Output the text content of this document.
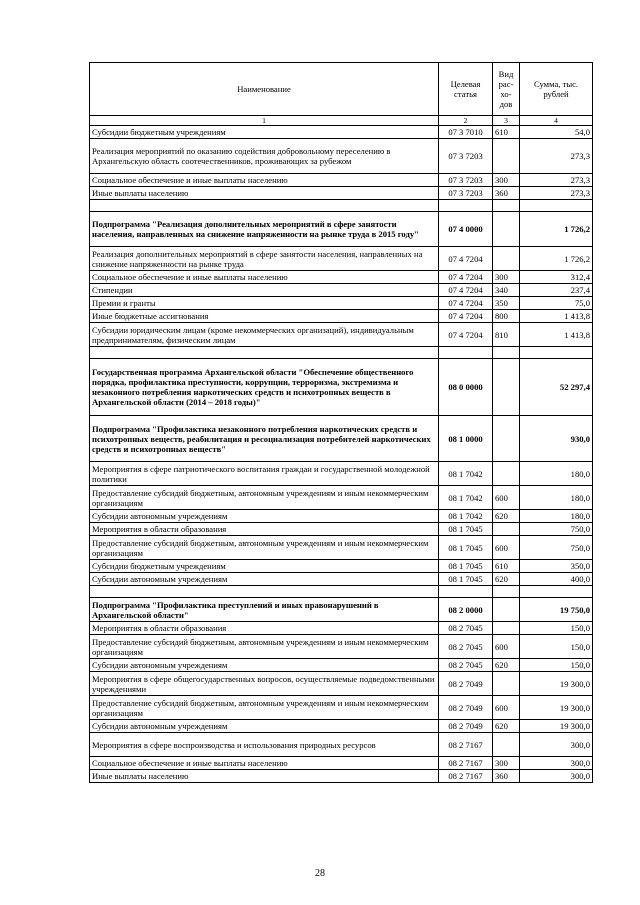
Наименование	Целевая статья	Вид рас-хо-дов	Сумма, тыс. рублей
1	2	3	4
Субсидии бюджетным учреждениям	07 3 7010	610	54,0
Реализация мероприятий по оказанию содействия добровольному переселению в Архангельскую область соотечественников, проживающих за рубежом	07 3 7203		273,3
Социальное обеспечение и иные выплаты населению	07 3 7203	300	273,3
Иные выплаты населению	07 3 7203	360	273,3

Подпрограмма "Реализация дополнительных мероприятий в сфере занятости населения, направленных на снижение напряженности на рынке труда в 2015 году"	07 4 0000		1 726,2
Реализация дополнительных мероприятий в сфере занятости населения, направленных на снижение напряженности на рынке труда	07 4 7204		1 726,2
Социальное обеспечение и иные выплаты населению	07 4 7204	300	312,4
Стипендии	07 4 7204	340	237,4
Премии и гранты	07 4 7204	350	75,0
Иные бюджетные ассигнования	07 4 7204	800	1 413,8
Субсидии юридическим лицам (кроме некоммерческих организаций), индивидуальным предпринимателям, физическим лицам	07 4 7204	810	1 413,8

Государственная программа Архангельской области "Обеспечение общественного порядка, профилактика преступности, коррупции, терроризма, экстремизма и незаконного потребления наркотических средств и психотропных веществ в Архангельской области (2014 – 2018 годы)"	08 0 0000		52 297,4
Подпрограмма "Профилактика незаконного потребления наркотических средств и психотропных веществ, реабилитация и ресоциализация потребителей наркотических средств и психотропных веществ"	08 1 0000		930,0
Мероприятия в сфере патриотического воспитания граждан и государственной молодежной политики	08 1 7042		180,0
Предоставление субсидий бюджетным, автономным учреждениям и иным некоммерческим организациям	08 1 7042	600	180,0
Субсидии автономным учреждениям	08 1 7042	620	180,0
Мероприятия в области образования	08 1 7045		750,0
Предоставление субсидий бюджетным, автономным учреждениям и иным некоммерческим организациям	08 1 7045	600	750,0
Субсидии бюджетным учреждениям	08 1 7045	610	350,0
Субсидии автономным учреждениям	08 1 7045	620	400,0

Подпрограмма "Профилактика преступлений и иных правонарушений в Архангельской области"	08 2 0000		19 750,0
Мероприятия в области образования	08 2 7045		150,0
Предоставление субсидий бюджетным, автономным учреждениям и иным некоммерческим организациям	08 2 7045	600	150,0
Субсидии автономным учреждениям	08 2 7045	620	150,0
Мероприятия в сфере общегосударственных вопросов, осуществляемые подведомственными учреждениями	08 2 7049		19 300,0
Предоставление субсидий бюджетным, автономным учреждениям и иным некоммерческим организациям	08 2 7049	600	19 300,0
Субсидии автономным учреждениям	08 2 7049	620	19 300,0
Мероприятия в сфере воспроизводства и использования природных ресурсов	08 2 7167		300,0
Социальное обеспечение и иные выплаты населению	08 2 7167	300	300,0
Иные выплаты населению	08 2 7167	360	300,0
28
